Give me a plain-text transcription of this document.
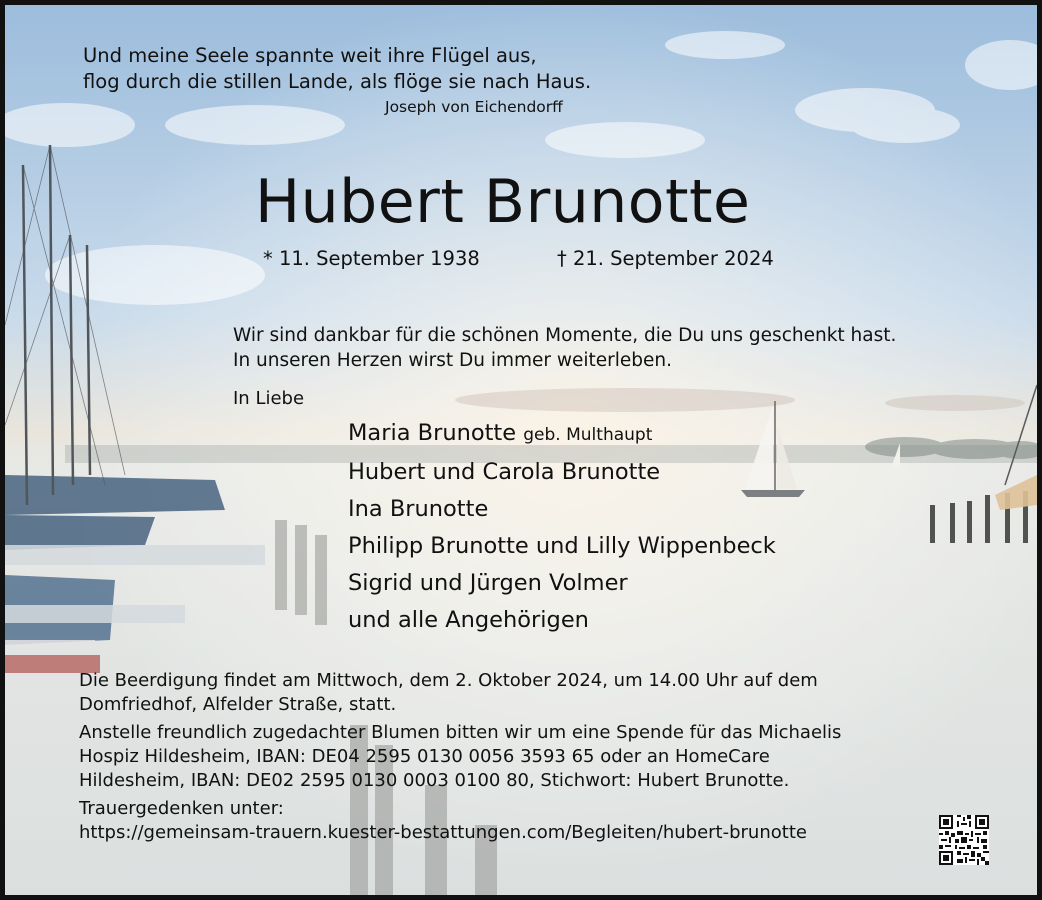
Und meine Seele spannte weit ihre Flügel aus,
flog durch die stillen Lande, als flöge sie nach Haus.
Joseph von Eichendorff
Hubert Brunotte
* 11. September 1938	† 21. September 2024
Wir sind dankbar für die schönen Momente, die Du uns geschenkt hast.
In unseren Herzen wirst Du immer weiterleben.
In Liebe
Maria Brunotte geb. Multhaupt
Hubert und Carola Brunotte
Ina Brunotte
Philipp Brunotte und Lilly Wippenbeck
Sigrid und Jürgen Volmer
und alle Angehörigen

Die Beerdigung findet am Mittwoch, dem 2. Oktober 2024, um 14.00 Uhr auf dem

Domfriedhof, Alfelder Straße, statt.

Anstelle freundlich zugedachter Blumen bitten wir um eine Spende für das Michaelis

Hospiz Hildesheim, IBAN: DE04 2595 0130 0056 3593 65 oder an HomeCare

Hildesheim, IBAN: DE02 2595 0130 0003 0100 80, Stichwort: Hubert Brunotte.

Trauergedenken unter:

https://gemeinsam-trauern.kuester-bestattungen.com/Begleiten/hubert-brunotte
